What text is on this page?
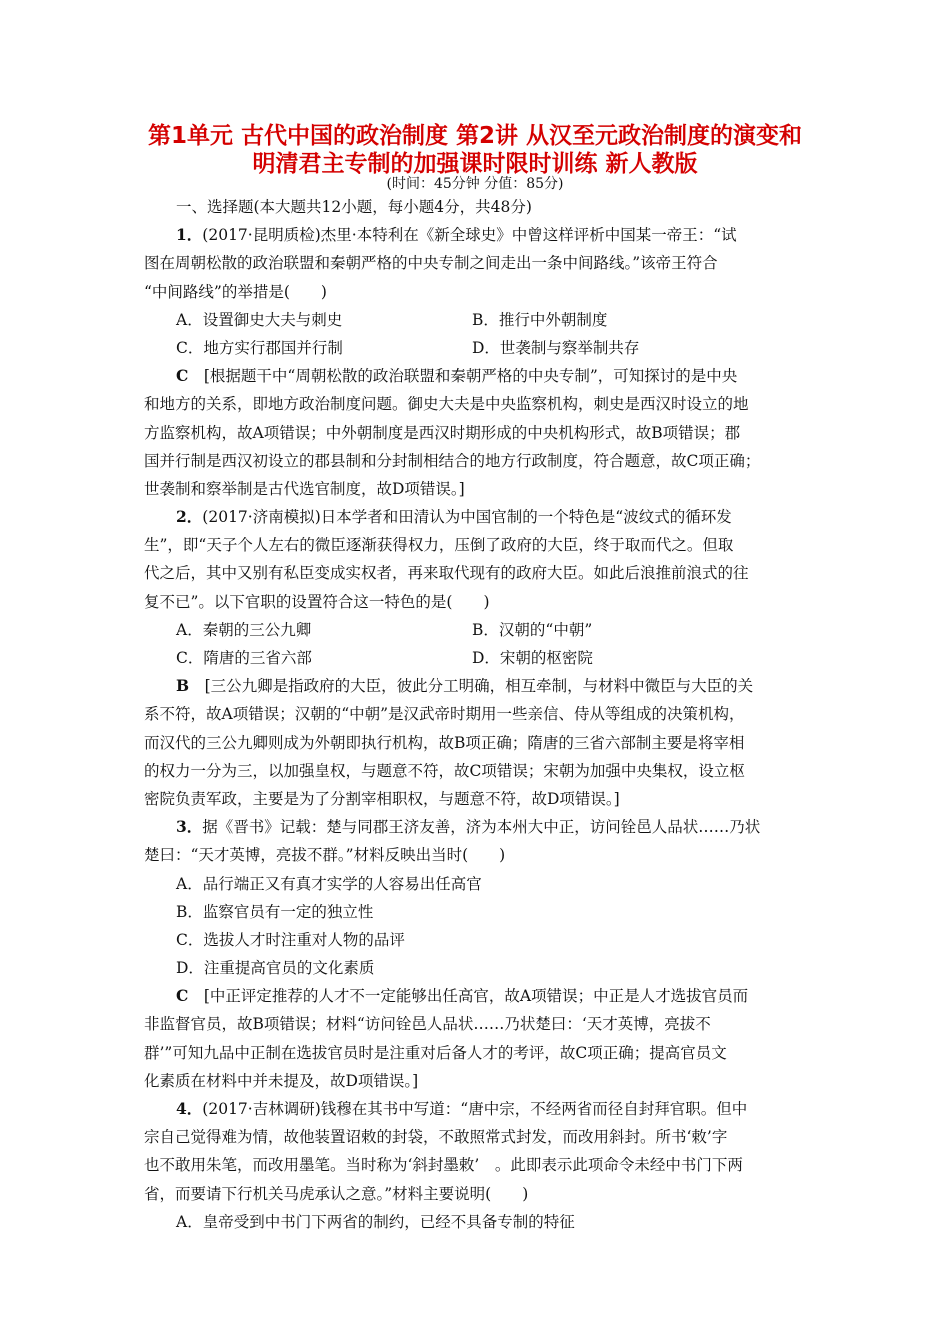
第1单元 古代中国的政治制度 第2讲 从汉至元政治制度的演变和
明清君主专制的加强课时限时训练 新人教版
(时间：45分钟 分值：85分)
一、选择题(本大题共12小题，每小题4分，共48分)
1．(2017·昆明质检)杰里·本特利在《新全球史》中曾这样评析中国某一帝王：“试
图在周朝松散的政治联盟和秦朝严格的中央专制之间走出一条中间路线。”该帝王符合
“中间路线”的举措是(　　)
A．设置御史大夫与刺史	B．推行中外朝制度
C．地方实行郡国并行制	D．世袭制与察举制共存
C  [根据题干中“周朝松散的政治联盟和秦朝严格的中央专制”，可知探讨的是中央
和地方的关系，即地方政治制度问题。御史大夫是中央监察机构，刺史是西汉时设立的地
方监察机构，故A项错误；中外朝制度是西汉时期形成的中央机构形式，故B项错误；郡
国并行制是西汉初设立的郡县制和分封制相结合的地方行政制度，符合题意，故C项正确；
世袭制和察举制是古代选官制度，故D项错误。]
2．(2017·济南模拟)日本学者和田清认为中国官制的一个特色是“波纹式的循环发
生”，即“天子个人左右的微臣逐渐获得权力，压倒了政府的大臣，终于取而代之。但取
代之后，其中又别有私臣变成实权者，再来取代现有的政府大臣。如此后浪推前浪式的往
复不已”。以下官职的设置符合这一特色的是(　　)
A．秦朝的三公九卿	B．汉朝的“中朝”
C．隋唐的三省六部	D．宋朝的枢密院
B  [三公九卿是指政府的大臣，彼此分工明确，相互牵制，与材料中微臣与大臣的关
系不符，故A项错误；汉朝的“中朝”是汉武帝时期用一些亲信、侍从等组成的决策机构，
而汉代的三公九卿则成为外朝即执行机构，故B项正确；隋唐的三省六部制主要是将宰相
的权力一分为三，以加强皇权，与题意不符，故C项错误；宋朝为加强中央集权，设立枢
密院负责军政，主要是为了分割宰相职权，与题意不符，故D项错误。]
3．据《晋书》记载：楚与同郡王济友善，济为本州大中正，访问铨邑人品状……乃状
楚曰：“天才英博，亮拔不群。”材料反映出当时(　　)
A．品行端正又有真才实学的人容易出任高官
B．监察官员有一定的独立性
C．选拔人才时注重对人物的品评
D．注重提高官员的文化素质
C  [中正评定推荐的人才不一定能够出任高官，故A项错误；中正是人才选拔官员而
非监督官员，故B项错误；材料“访问铨邑人品状……乃状楚曰：‘天才英博，亮拔不
群’”可知九品中正制在选拔官员时是注重对后备人才的考评，故C项正确；提高官员文
化素质在材料中并未提及，故D项错误。]
4．(2017·吉林调研)钱穆在其书中写道：“唐中宗，不经两省而径自封拜官职。但中
宗自己觉得难为情，故他装置诏敕的封袋，不敢照常式封发，而改用斜封。所书‘敕’字
也不敢用朱笔，而改用墨笔。当时称为‘斜封墨敕’　。此即表示此项命令未经中书门下两
省，而要请下行机关马虎承认之意。”材料主要说明(　　)
A．皇帝受到中书门下两省的制约，已经不具备专制的特征
